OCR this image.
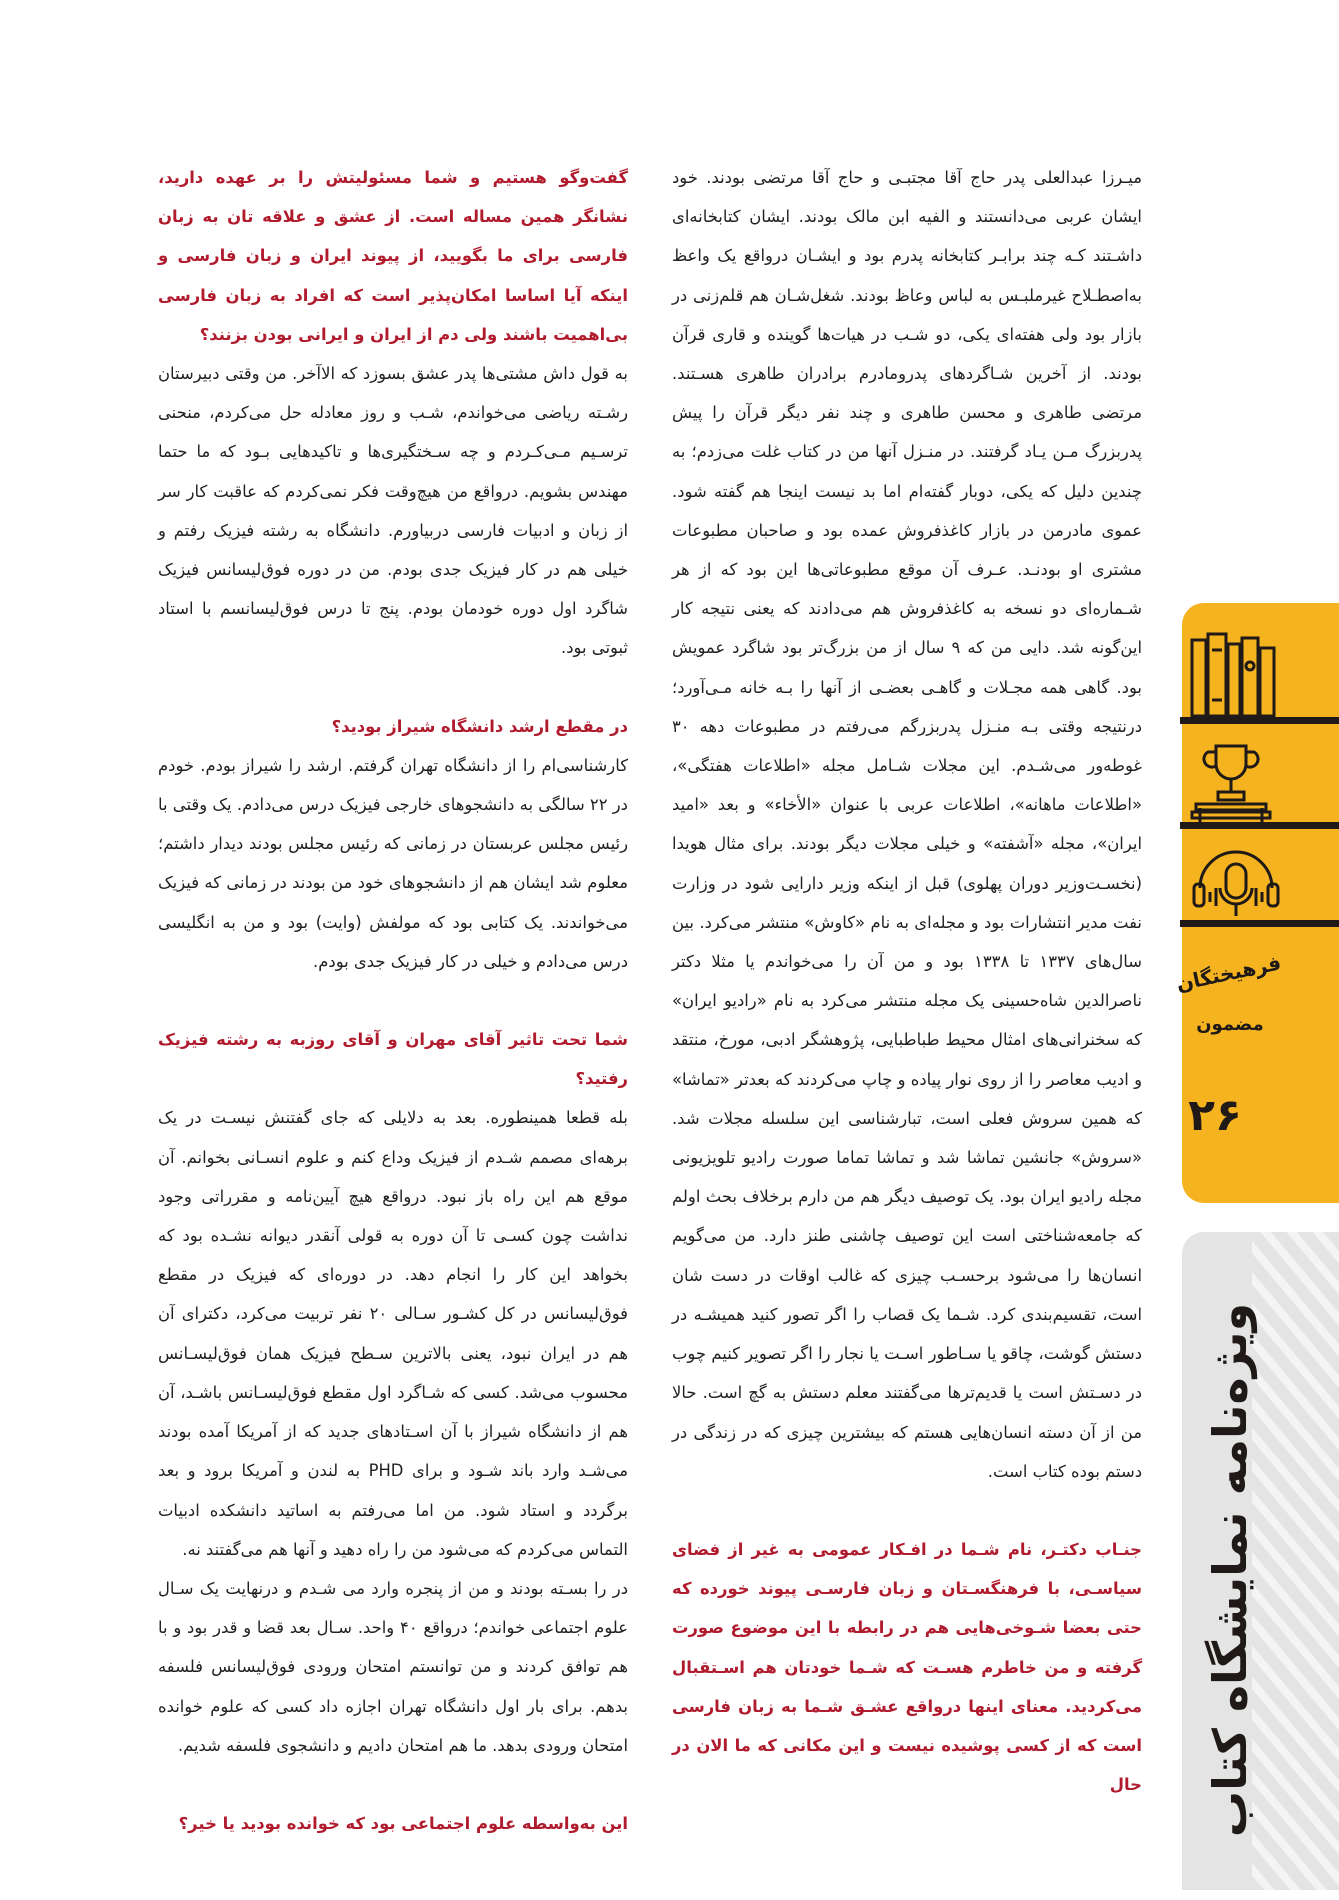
میـرزا عبدالعلی پدر حاج آقا مجتبـی و حاج آقا مرتضی بودند. خود ایشان عربی می‌دانستند و الفیه ابن مالک بودند. ایشان کتابخانه‌ای داشـتند کـه چند برابـر کتابخانه پدرم بود و ایشـان درواقع یک واعظ به‌اصطـلاح غیرملبـس به لباس وعاظ بودند. شغل‌شـان هم قلم‌زنی در بازار بود ولی هفته‌ای یکی، دو شـب در هیات‌ها گوینده و قاری قرآن بودند. از آخرین شـاگردهای پدرومادرم برادران طاهری هسـتند. مرتضی طاهری و محسن طاهری و چند نفر دیگر قرآن را پیش پدربزرگ مـن یـاد گرفتند. در منـزل آنها من در کتاب غلت می‌زدم؛ به چندین دلیل که یکی، دوبار گفته‌ام اما بد نیست اینجا هم گفته شود. عموی مادرمن در بازار کاغذفروش عمده بود و صاحبان مطبوعات مشتری او بودنـد. عـرف آن موقع مطبوعاتی‌ها این بود که از هر شـماره‌ای دو نسخه به کاغذفروش هم می‌دادند که یعنی نتیجه کار این‌گونه شد. دایی من که ۹ سال از من بزرگ‌تر بود شاگرد عمویش بود. گاهی همه مجـلات و گاهـی بعضـی از آنها را بـه خانه مـی‌آورد؛ درنتیجه وقتی بـه منـزل پدربزرگم می‌رفتم در مطبوعات دهه ۳۰ غوطه‌ور می‌شـدم. این مجلات شـامل مجله «اطلاعات هفتگی»، «اطلاعات ماهانه»، اطلاعات عربی با عنوان «الأخاء» و بعد «امید ایران»، مجله «آشفته» و خیلی مجلات دیگر بودند. برای مثال هویدا (نخسـت‌وزیر دوران پهلوی) قبل از اینکه وزیر دارایی شود در وزارت نفت مدیر انتشارات بود و مجله‌ای به نام «کاوش» منتشر می‌کرد. بین سال‌های ۱۳۳۷ تا ۱۳۳۸ بود و من آن را می‌خواندم یا مثلا دکتر ناصرالدین شاه‌حسینی یک مجله منتشر می‌کرد به نام «رادیو ایران» که سخنرانی‌های امثال محیط طباطبایی، پژوهشگر ادبی، مورخ، منتقد و ادیب معاصر را از روی نوار پیاده و چاپ می‌کردند که بعدتر «تماشا» که همین سروش فعلی است، تبارشناسی این سلسله مجلات شد. «سروش» جانشین تماشا شد و تماشا تماما صورت رادیو تلویزیونی مجله رادیو ایران بود. یک توصیف دیگر هم من دارم برخلاف بحث اولم که جامعه‌شناختی است این توصیف چاشنی طنز دارد. من می‌گویم انسان‌ها را می‌شود برحسـب چیزی که غالب اوقات در دست شان است، تقسیم‌بندی کرد. شـما یک قصاب را اگر تصور کنید همیشـه در دستش گوشت، چاقو یا سـاطور اسـت یا نجار را اگر تصویر کنیم چوب در دسـتش است یا قدیم‌ترها می‌گفتند معلم دستش به گچ است. حالا من از آن دسته انسان‌هایی هستم که بیشترین چیزی که در زندگی در دستم بوده کتاب است.

جنـاب دکتـر، نام شـما در افـکار عمومی به غیر از فضای سیاسـی، با فرهنگسـتان و زبان فارسـی پیوند خورده که حتی بعضا شـوخی‌هایی هم در رابطه با این موضوع صورت گرفته و من خاطرم هسـت که شـما خودتان هم اسـتقبال می‌کردید. معنای اینها درواقع عشـق شـما به زبان فارسی است که از کسی پوشیده نیست و این مکانی که ما الان در حال

گفت‌وگو هستیم و شما مسئولیتش را بر عهده دارید، نشانگر همین مساله است. از عشق و علاقه تان به زبان فارسی برای ما بگویید، از پیوند ایران و زبان فارسی و اینکه آیا اساسا امکان‌پذیر است که افراد به زبان فارسی بی‌اهمیت باشند ولی دم از ایران و ایرانی بودن بزنند؟

به قول داش مشتی‌ها پدر عشق بسوزد که الاآخر. من وقتی دبیرستان رشـته ریاضی می‌خواندم، شـب و روز معادله حل می‌کردم، منحنی ترسـیم مـی‌کـردم و چه سـختگیری‌ها و تاکیدهایی بـود که ما حتما مهندس بشویم. درواقع من هیچ‌وقت فکر نمی‌کردم که عاقبت کار سر از زبان و ادبیات فارسی دربیاورم. دانشگاه به رشته فیزیک رفتم و خیلی هم در کار فیزیک جدی بودم. من در دوره فوق‌لیسانس فیزیک شاگرد اول دوره خودمان بودم. پنج تا درس فوق‌لیسانسم با استاد ثبوتی بود.

در مقطع ارشد دانشگاه شیراز بودید؟

کارشناسی‌ام را از دانشگاه تهران گرفتم. ارشد را شیراز بودم. خودم در ۲۲ سالگی به دانشجوهای خارجی فیزیک درس می‌دادم. یک وقتی با رئیس مجلس عربستان در زمانی که رئیس مجلس بودند دیدار داشتم؛ معلوم شد ایشان هم از دانشجوهای خود من بودند در زمانی که فیزیک می‌خواندند. یک کتابی بود که مولفش (وایت) بود و من به انگلیسی درس می‌دادم و خیلی در کار فیزیک جدی بودم.

شما تحت تاثیر آقای مهران و آقای روزبه به رشته فیزیک رفتید؟

بله قطعا همینطوره. بعد به دلایلی که جای گفتنش نیسـت در یک برهه‌ای مصمم شـدم از فیزیک وداع کنم و علوم انسـانی بخوانم. آن موقع هم این راه باز نبود. درواقع هیچ آیین‌نامه و مقرراتی وجود نداشت چون کسـی تا آن دوره به قولی آنقدر دیوانه نشـده بود که بخواهد این کار را انجام دهد. در دوره‌ای که فیزیک در مقطع فوق‌لیسانس در کل کشـور سـالی ۲۰ نفر تربیت می‌کرد، دکترای آن هم در ایران نبود، یعنی بالاترین سـطح فیزیک همان فوق‌لیسـانس محسوب می‌شد. کسی که شـاگرد اول مقطع فوق‌لیسـانس باشـد، آن هم از دانشگاه شیراز با آن اسـتادهای جدید که از آمریکا آمده بودند می‌شـد وارد باند شـود و برای PHD به لندن و آمریکا برود و بعد برگردد و استاد شود. من اما می‌رفتم به اساتید دانشکده ادبیات التماس می‌کردم که می‌شود من را راه دهید و آنها هم می‌گفتند نه.

در را بسـته بودند و من از پنجره وارد می شـدم و درنهایت یک سـال علوم اجتماعی خواندم؛ درواقع ۴۰ واحد. سـال بعد قضا و قدر بود و با هم توافق کردند و من توانستم امتحان ورودی فوق‌لیسانس فلسفه بدهم. برای بار اول دانشگاه تهران اجازه داد کسی که علوم خوانده امتحان ورودی بدهد. ما هم امتحان دادیم و دانشجوی فلسفه شدیم.

این به‌واسطه علوم اجتماعی بود که خوانده بودید یا خیر؟

فرهیختگان
مضمون
۲۶
ویژه‌نامه نمایشگاه کتاب
